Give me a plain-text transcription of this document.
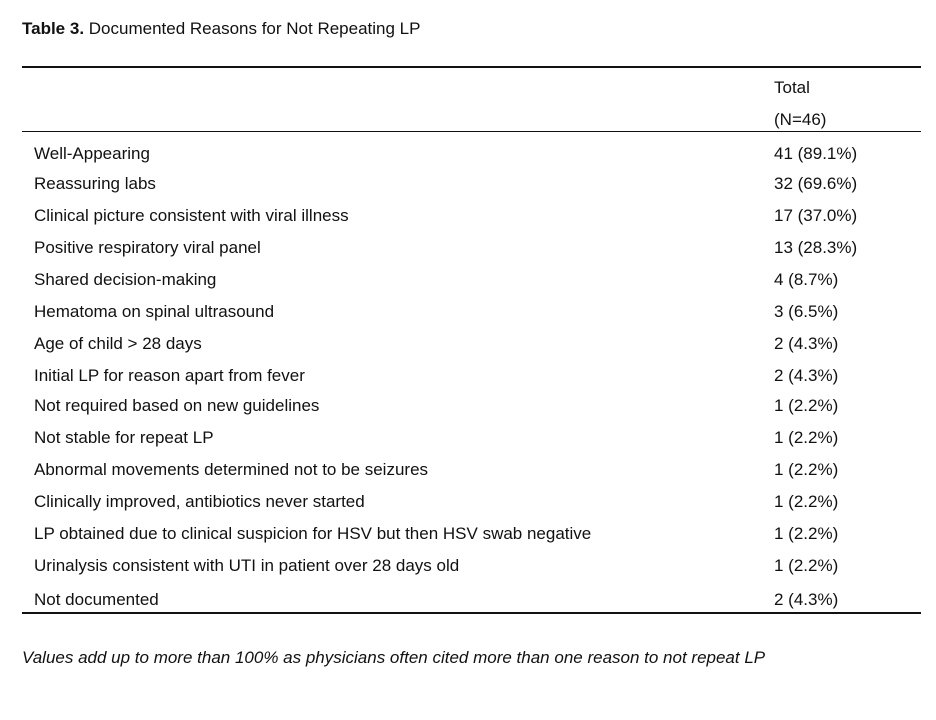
Table 3. Documented Reasons for Not Repeating LP
Total
(N=46)
Well-Appearing	41 (89.1%)
Reassuring labs	32 (69.6%)
Clinical picture consistent with viral illness	17 (37.0%)
Positive respiratory viral panel	13 (28.3%)
Shared decision-making	4 (8.7%)
Hematoma on spinal ultrasound	3 (6.5%)
Age of child > 28 days	2 (4.3%)
Initial LP for reason apart from fever	2 (4.3%)
Not required based on new guidelines	1 (2.2%)
Not stable for repeat LP	1 (2.2%)
Abnormal movements determined not to be seizures	1 (2.2%)
Clinically improved, antibiotics never started	1 (2.2%)
LP obtained due to clinical suspicion for HSV but then HSV swab negative	1 (2.2%)
Urinalysis consistent with UTI in patient over 28 days old	1 (2.2%)
Not documented	2 (4.3%)
Values add up to more than 100% as physicians often cited more than one reason to not repeat LP
